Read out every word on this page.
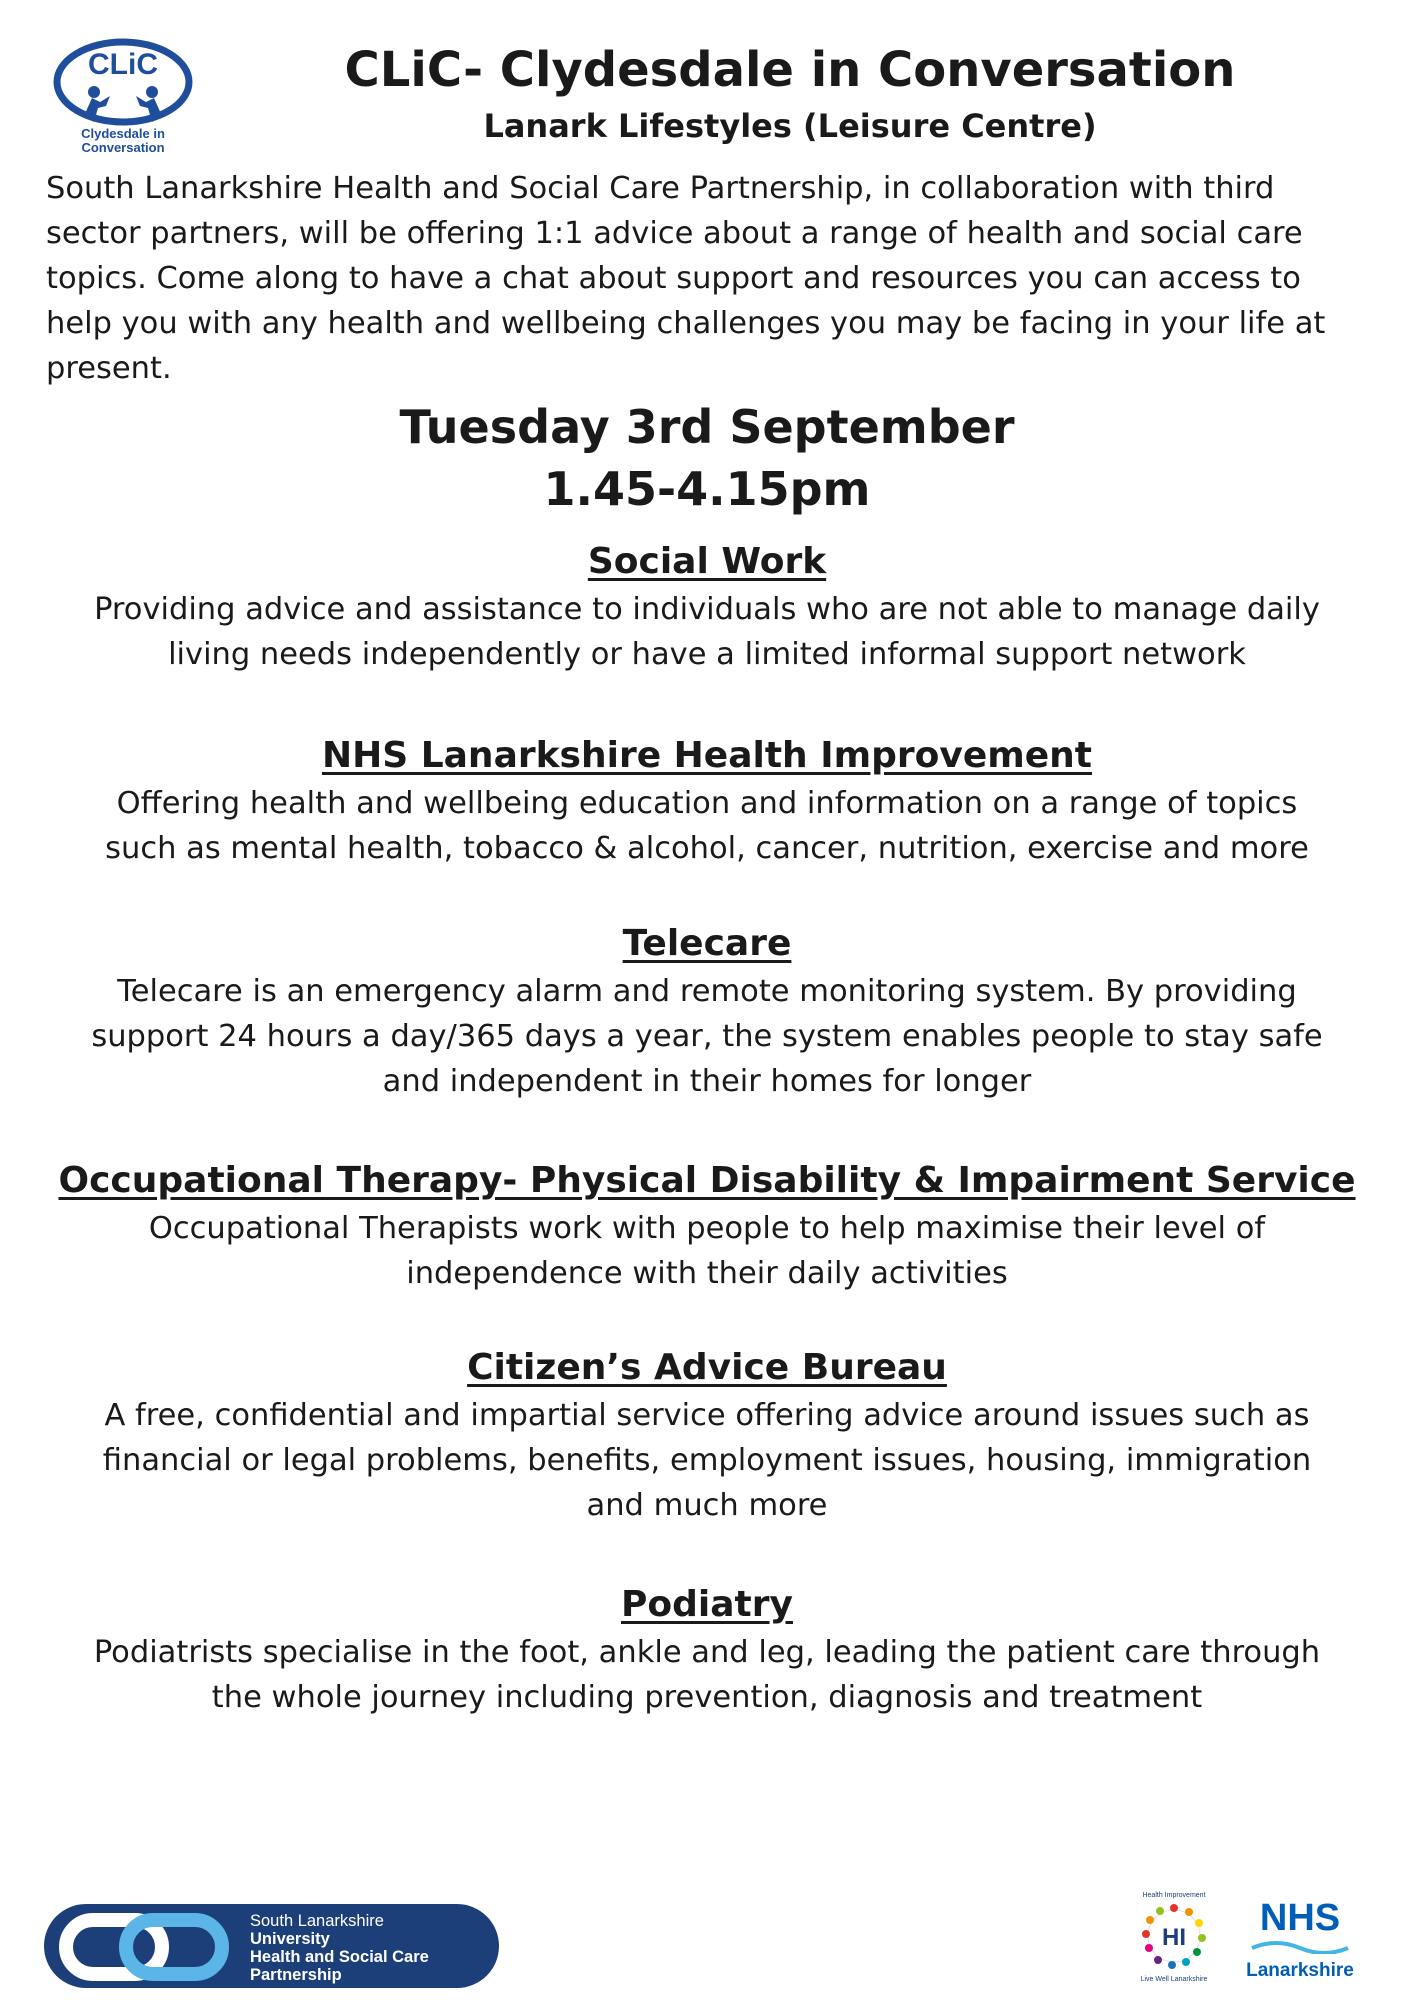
CLiC
Clydesdale in
Conversation
CLiC- Clydesdale in Conversation
Lanark Lifestyles (Leisure Centre)
South Lanarkshire Health and Social Care Partnership, in collaboration with third
sector partners, will be offering 1:1 advice about a range of health and social care
topics. Come along to have a chat about support and resources you can access to
help you with any health and wellbeing challenges you may be facing in your life at
present.
Tuesday 3rd September
1.45-4.15pm
Social Work

Providing advice and assistance to individuals who are not able to manage daily

living needs independently or have a limited informal support network

NHS Lanarkshire Health Improvement

Offering health and wellbeing education and information on a range of topics

such as mental health, tobacco & alcohol, cancer, nutrition, exercise and more

Telecare

Telecare is an emergency alarm and remote monitoring system. By providing

support 24 hours a day/365 days a year, the system enables people to stay safe

and independent in their homes for longer

Occupational Therapy- Physical Disability & Impairment Service

Occupational Therapists work with people to help maximise their level of

independence with their daily activities

Citizen’s Advice Bureau

A free, confidential and impartial service offering advice around issues such as

financial or legal problems, benefits, employment issues, housing, immigration

and much more

Podiatry

Podiatrists specialise in the foot, ankle and leg, leading the patient care through

the whole journey including prevention, diagnosis and treatment

South Lanarkshire
University
Health and Social Care
Partnership
HI
Health Improvement
Live Well Lanarkshire
NHS
Lanarkshire
